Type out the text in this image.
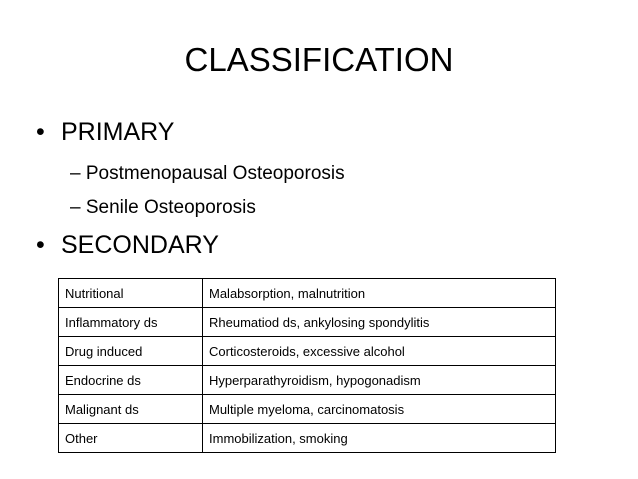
CLASSIFICATION
• PRIMARY
– Postmenopausal Osteoporosis
– Senile Osteoporosis
• SECONDARY
Nutritional	Malabsorption, malnutrition
Inflammatory ds	Rheumatiod ds, ankylosing spondylitis
Drug induced	Corticosteroids, excessive alcohol
Endocrine ds	Hyperparathyroidism, hypogonadism
Malignant ds	Multiple myeloma, carcinomatosis
Other	Immobilization, smoking
